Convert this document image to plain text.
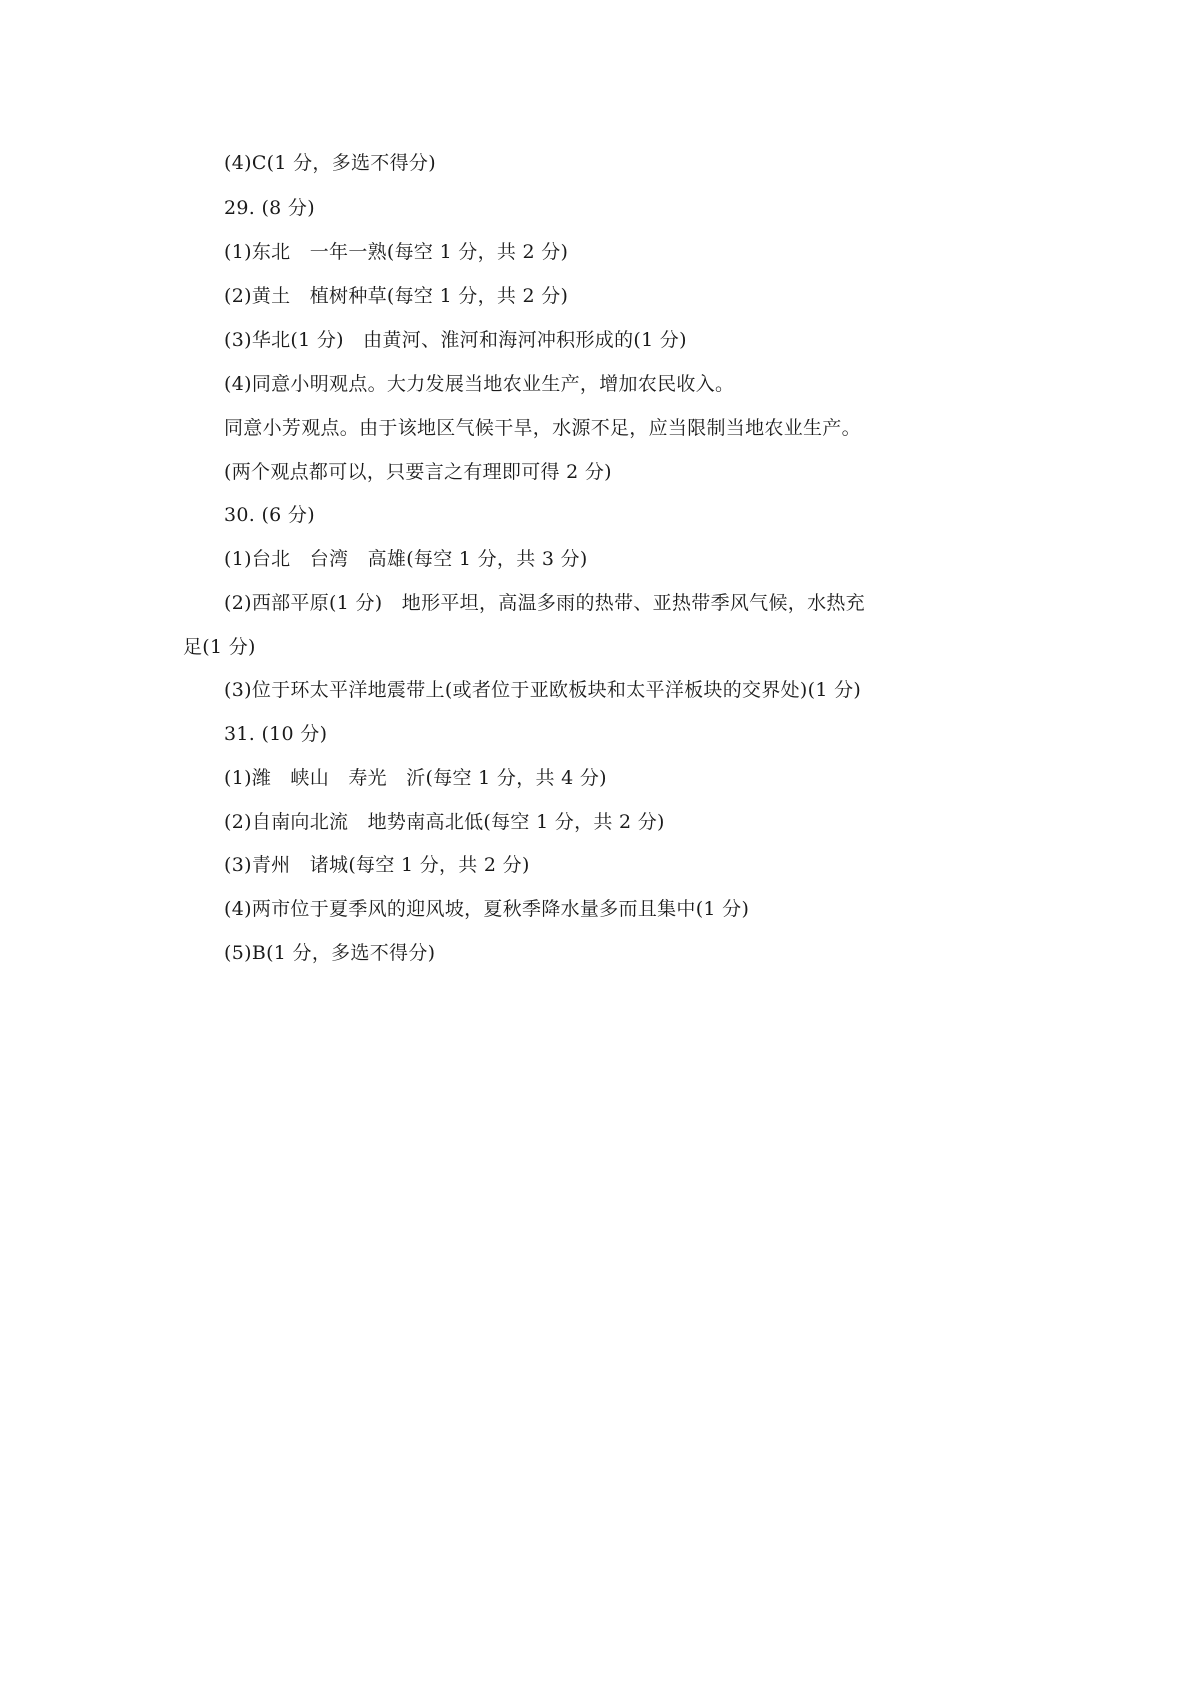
(4)C(1 分，多选不得分)
29. (8 分)
(1)东北　一年一熟(每空 1 分，共 2 分)
(2)黄土　植树种草(每空 1 分，共 2 分)
(3)华北(1 分)　由黄河、淮河和海河冲积形成的(1 分)
(4)同意小明观点。大力发展当地农业生产，增加农民收入。
同意小芳观点。由于该地区气候干旱，水源不足，应当限制当地农业生产。
(两个观点都可以，只要言之有理即可得 2 分)
30. (6 分)
(1)台北　台湾　高雄(每空 1 分，共 3 分)
(2)西部平原(1 分)　地形平坦，高温多雨的热带、亚热带季风气候，水热充
足(1 分)
(3)位于环太平洋地震带上(或者位于亚欧板块和太平洋板块的交界处)(1 分)
31. (10 分)
(1)潍　峡山　寿光　沂(每空 1 分，共 4 分)
(2)自南向北流　地势南高北低(每空 1 分，共 2 分)
(3)青州　诸城(每空 1 分，共 2 分)
(4)两市位于夏季风的迎风坡，夏秋季降水量多而且集中(1 分)
(5)B(1 分，多选不得分)
